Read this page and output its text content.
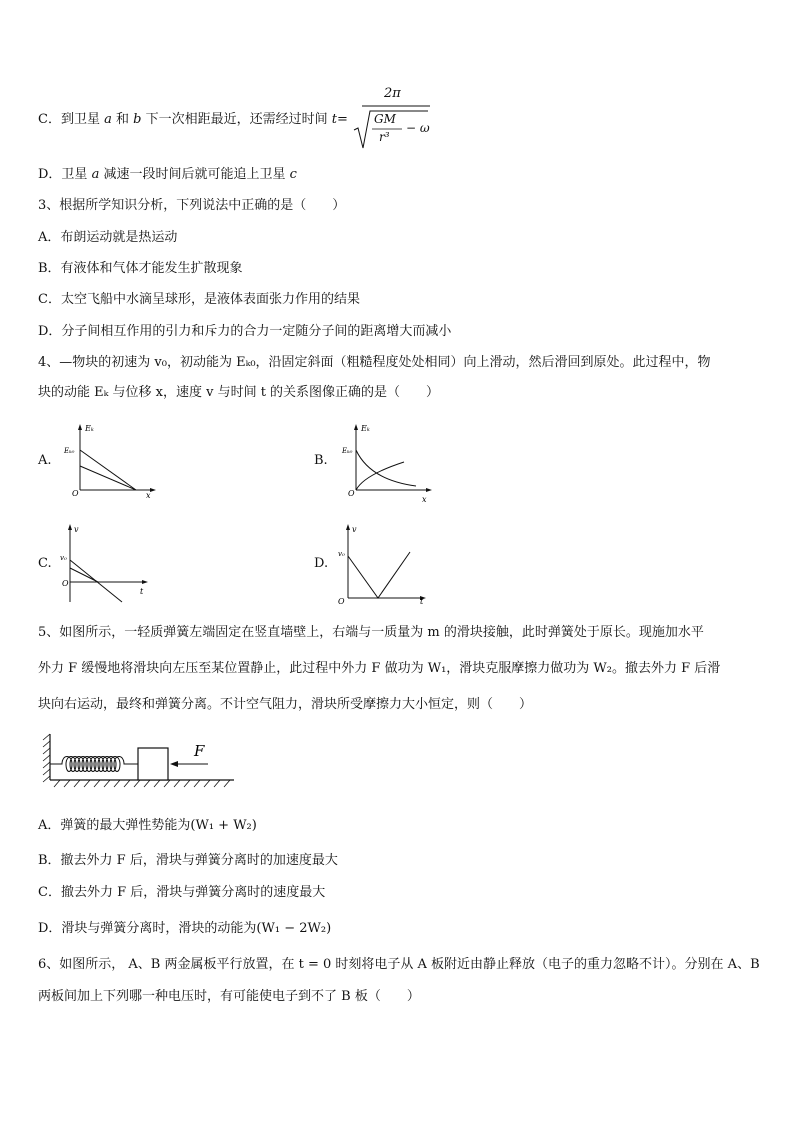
C．到卫星 a 和 b 下一次相距最近，还需经过时间 t=
2π
GM
r³
− ω
D．卫星 a 减速一段时间后就可能追上卫星 c
3、根据所学知识分析，下列说法中正确的是（　　）
A．布朗运动就是热运动
B．有液体和气体才能发生扩散现象
C．太空飞船中水滴呈球形，是液体表面张力作用的结果
D．分子间相互作用的引力和斥力的合力一定随分子间的距离增大而减小
4、—物块的初速为 v₀，初动能为 Eₖ₀，沿固定斜面（粗糙程度处处相同）向上滑动，然后滑回到原处。此过程中，物
块的动能 Eₖ 与位移 x，速度 v 与时间 t 的关系图像正确的是（　　）
A.
Eₖ
Eₖ₀
O	x
B.
Eₖ
Eₖ₀
O
x
C.
v
v₀
O
t
D.
v
v₀
O	t
5、如图所示，一轻质弹簧左端固定在竖直墙壁上，右端与一质量为 m 的滑块接触，此时弹簧处于原长。现施加水平
外力 F 缓慢地将滑块向左压至某位置静止，此过程中外力 F 做功为 W₁，滑块克服摩擦力做功为 W₂。撤去外力 F 后滑
块向右运动，最终和弹簧分离。不计空气阻力，滑块所受摩擦力大小恒定，则（　　）
F
A．弹簧的最大弹性势能为(W₁ + W₂)
B．撤去外力 F 后，滑块与弹簧分离时的加速度最大
C．撤去外力 F 后，滑块与弹簧分离时的速度最大
D．滑块与弹簧分离时，滑块的动能为(W₁ − 2W₂)
6、如图所示， A、B 两金属板平行放置，在 t = 0 时刻将电子从 A 板附近由静止释放（电子的重力忽略不计）。分别在 A、B
两板间加上下列哪一种电压时，有可能使电子到不了 B 板（　　）
